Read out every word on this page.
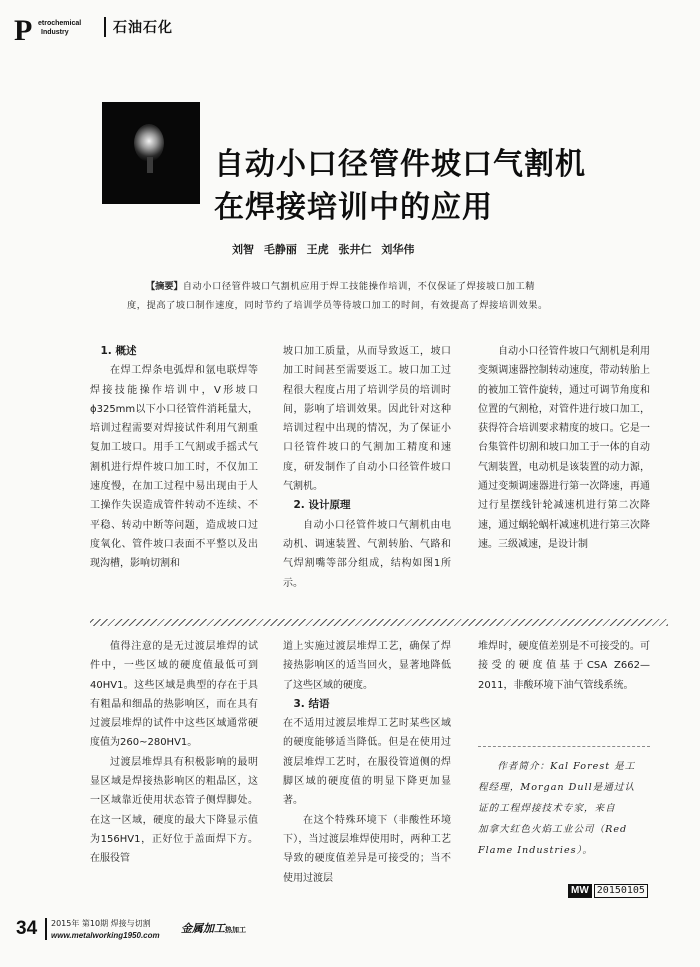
P etrochemical
Industry	石油石化
自动小口径管件坡口气割机
在焊接培训中的应用
刘智 毛静丽 王虎 张井仁 刘华伟
【摘要】自动小口径管件坡口气割机应用于焊工技能操作培训，不仅保证了焊接坡口加工精
度，提高了坡口制作速度，同时节约了培训学员等待坡口加工的时间，有效提高了焊接培训效果。
1. 概述

在焊工焊条电弧焊和氩电联焊等焊接技能操作培训中，V形坡口ϕ325mm以下小口径管件消耗量大，培训过程需要对焊接试件利用气割重复加工坡口。用手工气割或手摇式气割机进行焊件坡口加工时，不仅加工速度慢，在加工过程中易出现由于人工操作失误造成管件转动不连续、不平稳、转动中断等问题，造成坡口过度氧化、管件坡口表面不平整以及出现沟槽，影响切割和

坡口加工质量，从而导致返工，坡口加工时间甚至需要返工。坡口加工过程很大程度占用了培训学员的培训时间，影响了培训效果。因此针对这种培训过程中出现的情况，为了保证小口径管件坡口的气割加工精度和速度，研发制作了自动小口径管件坡口气割机。

2. 设计原理

自动小口径管件坡口气割机由电动机、调速装置、气割转胎、气路和气焊割嘴等部分组成，结构如图1所示。

自动小口径管件坡口气割机是利用变频调速器控制转动速度，带动转胎上的被加工管件旋转，通过可调节角度和位置的气割枪，对管件进行坡口加工，获得符合培训要求精度的坡口。它是一台集管件切割和坡口加工于一体的自动气割装置，电动机是该装置的动力源，通过变频调速器进行第一次降速，再通过行星摆线针轮减速机进行第二次降速，通过蜗轮蜗杆减速机进行第三次降速。三级减速，是设计制

值得注意的是无过渡层堆焊的试件中，一些区域的硬度值最低可到40HV1。这些区域是典型的存在于具有粗晶和细晶的热影响区，而在具有过渡层堆焊的试件中这些区域通常硬度值为260~280HV1。

过渡层堆焊具有积极影响的最明显区域是焊接热影响区的粗晶区，这一区域靠近使用状态管子侧焊脚处。在这一区域，硬度的最大下降显示值为156HV1，正好位于盖面焊下方。在服役管

道上实施过渡层堆焊工艺，确保了焊接热影响区的适当回火，显著地降低了这些区域的硬度。

3. 结语

在不适用过渡层堆焊工艺时某些区域的硬度能够适当降低。但是在使用过渡层堆焊工艺时，在服役管道侧的焊脚区域的硬度值的明显下降更加显著。

在这个特殊环境下（非酸性环境下），当过渡层堆焊使用时，两种工艺导致的硬度值差异是可接受的；当不使用过渡层

堆焊时，硬度值差别是不可接受的。可接受的硬度值基于CSA Z662—2011，非酸环境下油气管线系统。

作者简介：Kal Forest 是工
程经理，Morgan Dull是通过认
证的工程焊接技术专家，来自
加拿大红色火焰工业公司（Red
Flame Industries）。
MW 20150105
34 2015年 第10期 焊接与切割
www.metalworking1950.com
金属加工热加工
